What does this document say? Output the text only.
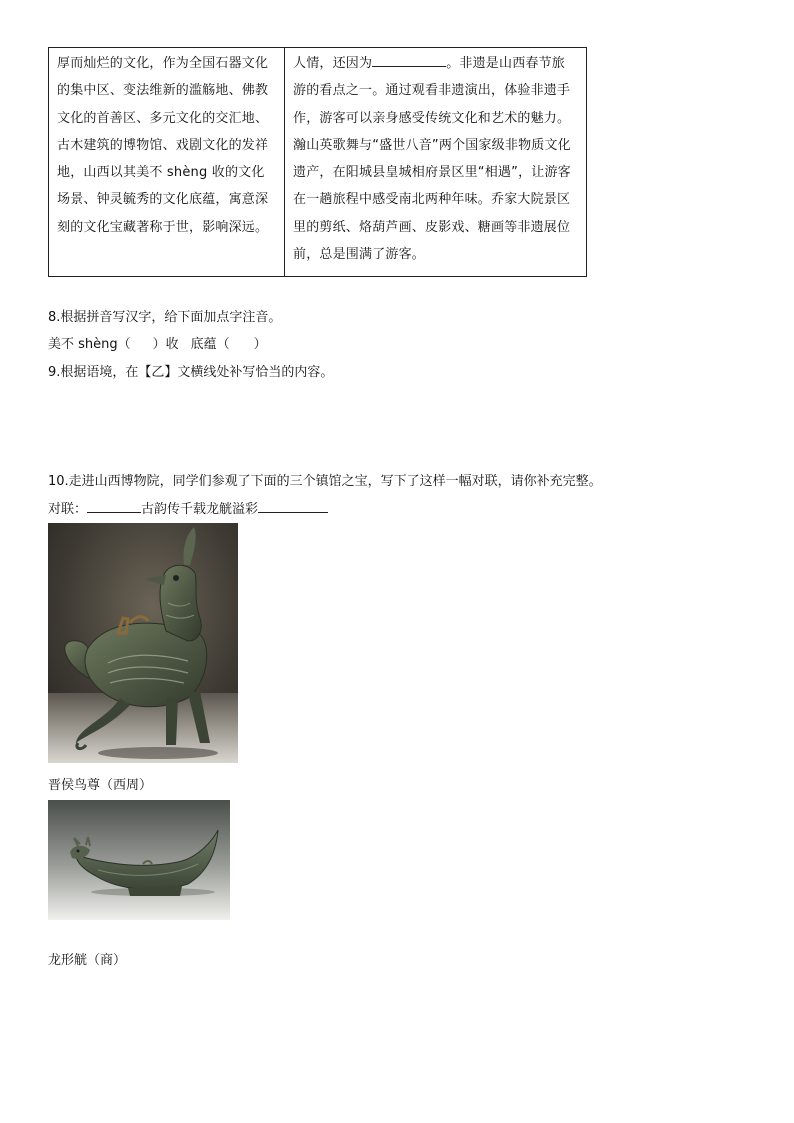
厚而灿烂的文化，作为全国石器文化的集中区、变法维新的滥觞地、佛教文化的首善区、多元文化的交汇地、古木建筑的博物馆、戏剧文化的发祥地，山西以其美不 shèng 收的文化场景、钟灵毓秀的文化底蕴，寓意深刻的文化宝藏著称于世，影响深远。	人情，还因为	。非遗是山西春节旅游的看点之一。通过观看非遗演出，体验非遗手作，游客可以亲身感受传统文化和艺术的魅力。瀚山英歌舞与“盛世八音”两个国家级非物质文化遗产，在阳城县皇城相府景区里“相遇”，让游客在一趟旅程中感受南北两种年味。乔家大院景区里的剪纸、烙葫芦画、皮影戏、糖画等非遗展位前，总是围满了游客。
8.根据拼音写汉字，给下面加点字注音。
美不 shèng（ ）收 底蕴（ ）
9.根据语境，在【乙】文横线处补写恰当的内容。
10.走进山西博物院，同学们参观了下面的三个镇馆之宝，写下了这样一幅对联，请你补充完整。
对联：	古韵传千载龙觥溢彩
晋侯鸟尊（西周）
龙形觥（商）
